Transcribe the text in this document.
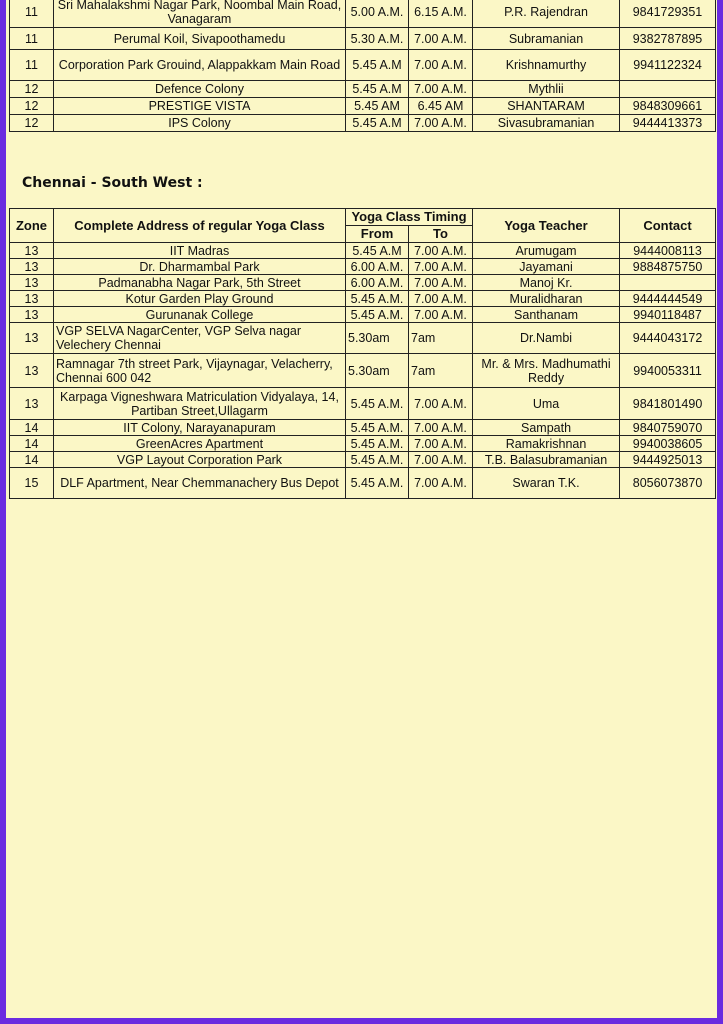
11	Sri Mahalakshmi Nagar Park, Noombal Main Road, Vanagaram	5.00 A.M.	6.15 A.M.	P.R. Rajendran	9841729351
11	Perumal Koil, Sivapoothamedu	5.30 A.M.	7.00 A.M.	Subramanian	9382787895
11	Corporation Park Grouind, Alappakkam Main Road	5.45 A.M	7.00 A.M.	Krishnamurthy	9941122324
12	Defence Colony	5.45 A.M	7.00 A.M.	Mythlii	
12	PRESTIGE VISTA	5.45 AM	6.45 AM	SHANTARAM	9848309661
12	IPS Colony	5.45 A.M	7.00 A.M.	Sivasubramanian	9444413373
Chennai - South West :
Zone	Complete Address of regular Yoga Class	Yoga Class Timing		Yoga Teacher	Contact
		From	To		
13	IIT Madras	5.45 A.M	7.00 A.M.	Arumugam	9444008113
13	Dr. Dharmambal Park	6.00 A.M.	7.00 A.M.	Jayamani	9884875750
13	Padmanabha Nagar Park, 5th Street	6.00 A.M.	7.00 A.M.	Manoj Kr.	
13	Kotur Garden Play Ground	5.45 A.M.	7.00 A.M.	Muralidharan	9444444549
13	Gurunanak College	5.45 A.M.	7.00 A.M.	Santhanam	9940118487
13	VGP SELVA NagarCenter, VGP Selva nagar Velechery Chennai	5.30am	7am	Dr.Nambi	9444043172
13	Ramnagar 7th street Park, Vijaynagar, Velacherry, Chennai 600 042	5.30am	7am	Mr. & Mrs. Madhumathi Reddy	9940053311
13	Karpaga Vigneshwara Matriculation Vidyalaya, 14, Partiban Street,Ullagarm	5.45 A.M.	7.00 A.M.	Uma	9841801490
14	IIT Colony, Narayanapuram	5.45 A.M.	7.00 A.M.	Sampath	9840759070
14	GreenAcres Apartment	5.45 A.M.	7.00 A.M.	Ramakrishnan	9940038605
14	VGP Layout Corporation Park	5.45 A.M.	7.00 A.M.	T.B. Balasubramanian	9444925013
15	DLF Apartment, Near Chemmanachery Bus Depot	5.45 A.M.	7.00 A.M.	Swaran T.K.	8056073870
